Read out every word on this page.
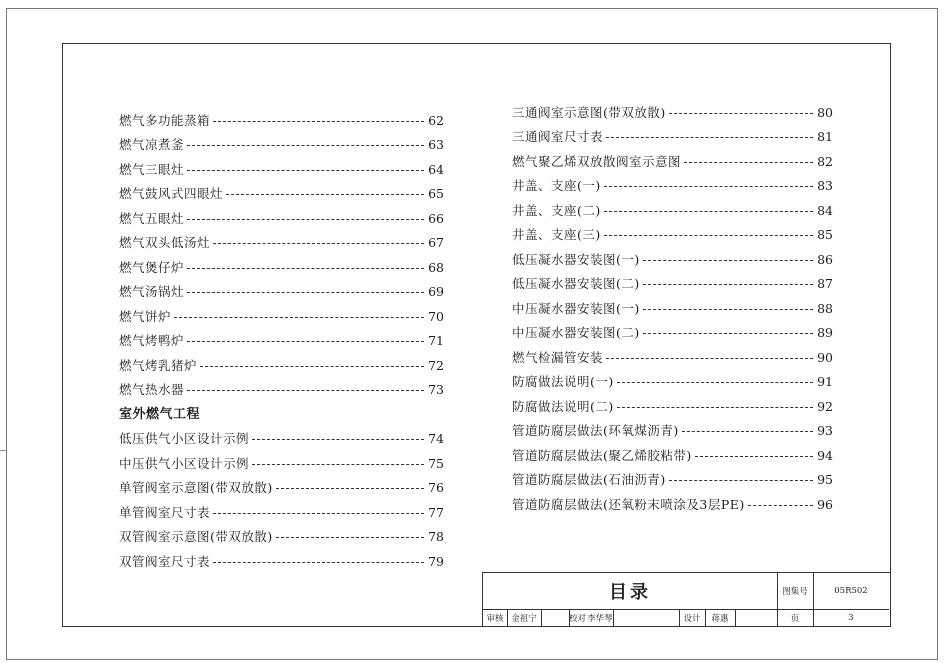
燃气多功能蒸箱	62
燃气凉煮釜	63
燃气三眼灶	64
燃气鼓风式四眼灶	65
燃气五眼灶	66
燃气双头低汤灶	67
燃气煲仔炉	68
燃气汤锅灶	69
燃气饼炉	70
燃气烤鸭炉	71
燃气烤乳猪炉	72
燃气热水器	73
室外燃气工程
低压供气小区设计示例	74
中压供气小区设计示例	75
单管阀室示意图(带双放散)	76
单管阀室尺寸表	77
双管阀室示意图(带双放散)	78
双管阀室尺寸表	79
三通阀室示意图(带双放散)	80
三通阀室尺寸表	81
燃气聚乙烯双放散阀室示意图	82
井盖、支座(一)	83
井盖、支座(二)	84
井盖、支座(三)	85
低压凝水器安装图(一)	86
低压凝水器安装图(二)	87
中压凝水器安装图(一)	88
中压凝水器安装图(二)	89
燃气检漏管安装	90
防腐做法说明(一)	91
防腐做法说明(二)	92
管道防腐层做法(环氧煤沥青)	93
管道防腐层做法(聚乙烯胶粘带)	94
管道防腐层做法(石油沥青)	95
管道防腐层做法(还氧粉末喷涂及3层PE)	96
目录	图集号	05R502
审核 金祖宁	校对 李华琴	设计	蒋惠	页	3
